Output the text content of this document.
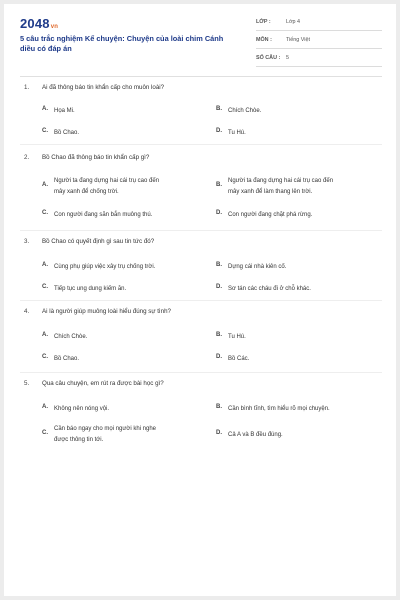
2048vn
5 câu trắc nghiệm Kể chuyện: Chuyện của loài chim Cánh diều có đáp án
LỚP :	Lớp 4
MÔN :	Tiếng Việt
SỐ CÂU : 5
1. Ai đã thông báo tin khẩn cấp cho muôn loài?
A. Họa Mi.	B. Chích Chòe.
C. Bồ Chao.	D. Tu Hú.
2. Bồ Chao đã thông báo tin khẩn cấp gì?
A.
Người ta đang dựng hai cái trụ cao đến
mây xanh để chống trời.
B.
Người ta đang dựng hai cái trụ cao đến
mây xanh để làm thang lên trời.
C. Con người đang săn bắn muông thú.	D. Con người đang chặt phá rừng.
3. Bồ Chao có quyết định gì sau tin tức đó?
A. Cùng phụ giúp việc xây trụ chống trời.	B. Dựng cái nhà kiên cố.
C. Tiếp tục ung dung kiếm ăn.	D. Sơ tán các cháu đi ở chỗ khác.
4. Ai là người giúp muông loài hiểu đúng sự tình?
A. Chích Chòe.	B. Tu Hú.
C. Bồ Chao.	D. Bồ Các.
5. Qua câu chuyện, em rút ra được bài học gì?
A. Không nên nóng vội.	B. Cần bình tĩnh, tìm hiểu rõ mọi chuyện.
C.
Cần báo ngay cho mọi người khi nghe
được thông tin tới.
D. Cả A và B đều đúng.
